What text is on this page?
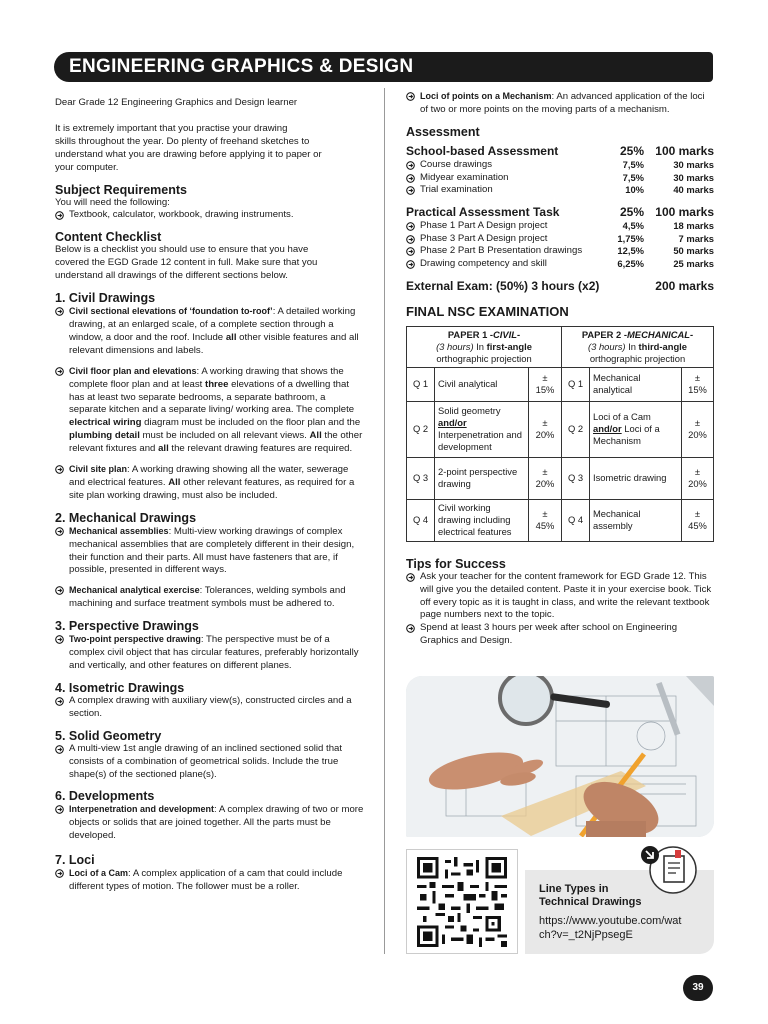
ENGINEERING GRAPHICS & DESIGN

Dear Grade 12 Engineering Graphics and Design learner

It is extremely important that you practise your drawing

skills throughout the year. Do plenty of freehand sketches to

understand what you are drawing before applying it to paper or

your computer.

Subject Requirements

You will need the following:

Textbook, calculator, workbook, drawing instruments.
Content Checklist

Below is a checklist you should use to ensure that you have

covered the EGD Grade 12 content in full. Make sure that you

understand all drawings of the different sections below.

1. Civil Drawings
Civil sectional elevations of ‘foundation to-roof’: A detailed working drawing, at an enlarged scale, of a complete section through a window, a door and the roof. Include all other visible features and all relevant dimensions and labels.
Civil floor plan and elevations: A working drawing that shows the complete floor plan and at least three elevations of a dwelling that has at least two separate bedrooms, a separate bathroom, a separate kitchen and a separate living/ working area. The complete electrical wiring diagram must be included on the floor plan and the plumbing detail must be included on all relevant views. All the other relevant fixtures and all the relevant drawing features are required.
Civil site plan: A working drawing showing all the water, sewerage and electrical features. All other relevant features, as required for a site plan working drawing, must also be included.
2. Mechanical Drawings
Mechanical assemblies: Multi-view working drawings of complex mechanical assemblies that are completely different in their design, their function and their parts. All must have fasteners that are, if possible, presented in different ways.
Mechanical analytical exercise: Tolerances, welding symbols and machining and surface treatment symbols must be adhered to.
3. Perspective Drawings
Two-point perspective drawing: The perspective must be of a complex civil object that has circular features, preferably horizontally and vertically, and other features on different planes.
4. Isometric Drawings
A complex drawing with auxiliary view(s), constructed circles and a section.
5. Solid Geometry
A multi-view 1st angle drawing of an inclined sectioned solid that consists of a combination of geometrical solids. Include the true shape(s) of the sectioned plane(s).
6. Developments
Interpenetration and development: A complex drawing of two or more objects or solids that are joined together. All the parts must be developed.
7. Loci
Loci of a Cam: A complex application of a cam that could include different types of motion. The follower must be a roller.
Loci of points on a Mechanism: An advanced application of the loci of two or more points on the moving parts of a mechanism.
Assessment
School-based Assessment	25% 100 marks
Course drawings	7,5%	30 marks
Midyear examination	7,5%	30 marks
Trial examination	10%	40 marks
Practical Assessment Task	25% 100 marks
Phase 1 Part A Design project	4,5%	18 marks
Phase 3 Part A Design project	1,75%	7 marks
Phase 2 Part B Presentation drawings	12,5%	50 marks
Drawing competency and skill	6,25%	25 marks
External Exam: (50%) 3 hours (x2)	200 marks
FINAL NSC EXAMINATION
PAPER 1 -CIVIL-
(3 hours) In first-angle
orthographic projection			PAPER 2 -MECHANICAL-
(3 hours) In third-angle
orthographic projection		
Q 1	Civil analytical	± 15%	Q 1	Mechanical analytical	± 15%
Q 2	Solid geometry
and/or
Interpenetration and development	± 20%	Q 2	Loci of a Cam
and/or Loci of a Mechanism	± 20%
Q 3	2-point perspective drawing	± 20%	Q 3	Isometric drawing	± 20%
Q 4	Civil working drawing including electrical features	± 45%	Q 4	Mechanical assembly	± 45%
Tips for Success
Ask your teacher for the content framework for EGD Grade 12. This will give you the detailed content. Paste it in your exercise book. Tick off every topic as it is taught in class, and write the relevant textbook page numbers next to the topic.
Spend at least 3 hours per week after school on Engineering Graphics and Design.
Line Types in Technical Drawings
https://www.youtube.com/watch?v=_t2NjPpsegE
39
